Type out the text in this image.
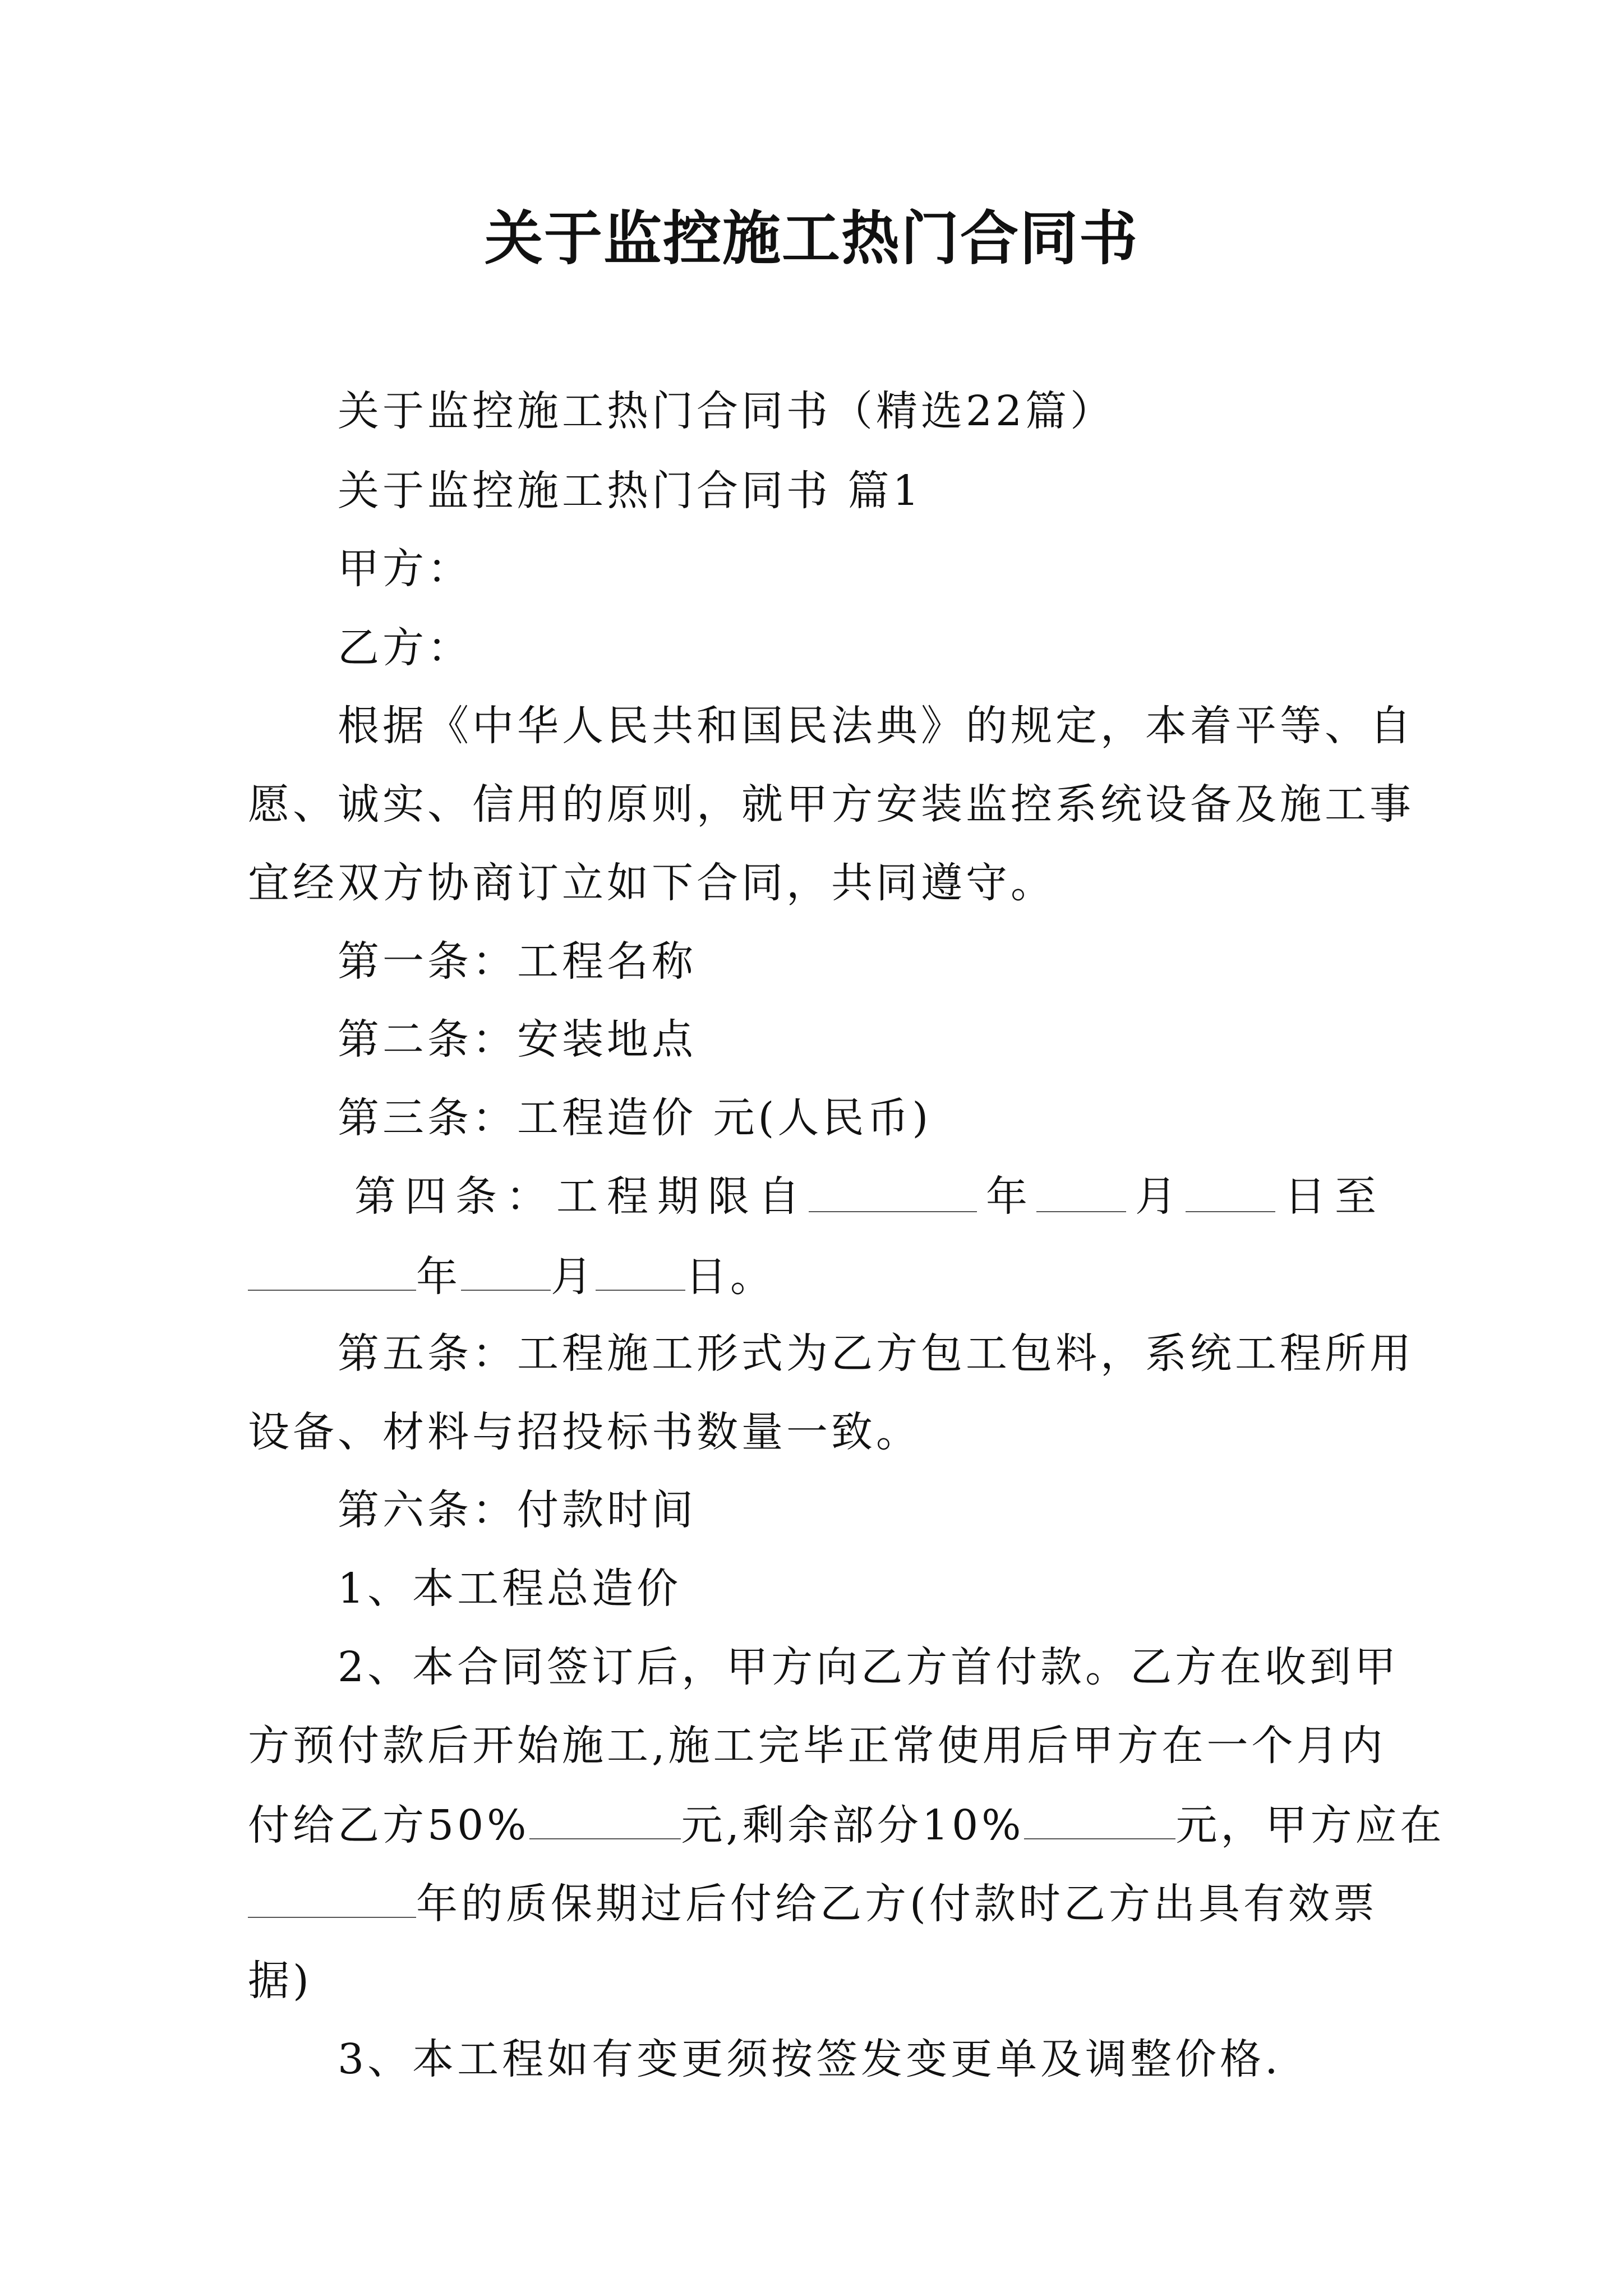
关于监控施工热门合同书
关于监控施工热门合同书（精选22篇）
关于监控施工热门合同书 篇1
甲方：
乙方：
根据《中华人民共和国民法典》的规定，本着平等、自
愿、诚实、信用的原则，就甲方安装监控系统设备及施工事
宜经双方协商订立如下合同，共同遵守。
第一条：工程名称
第二条：安装地点
第三条：工程造价 元(人民币)
第 四 条 ： 工 程 期 限 自	年	月	日 至
年 月 日。
第五条：工程施工形式为乙方包工包料，系统工程所用
设备、材料与招投标书数量一致。
第六条：付款时间
1、本工程总造价
2、本合同签订后，甲方向乙方首付款。乙方在收到甲
方预付款后开始施工,施工完毕正常使用后甲方在一个月内
付给乙方50%	元,剩余部分10%	元，甲方应在
年的质保期过后付给乙方(付款时乙方出具有效票
据)
3、本工程如有变更须按签发变更单及调整价格.
